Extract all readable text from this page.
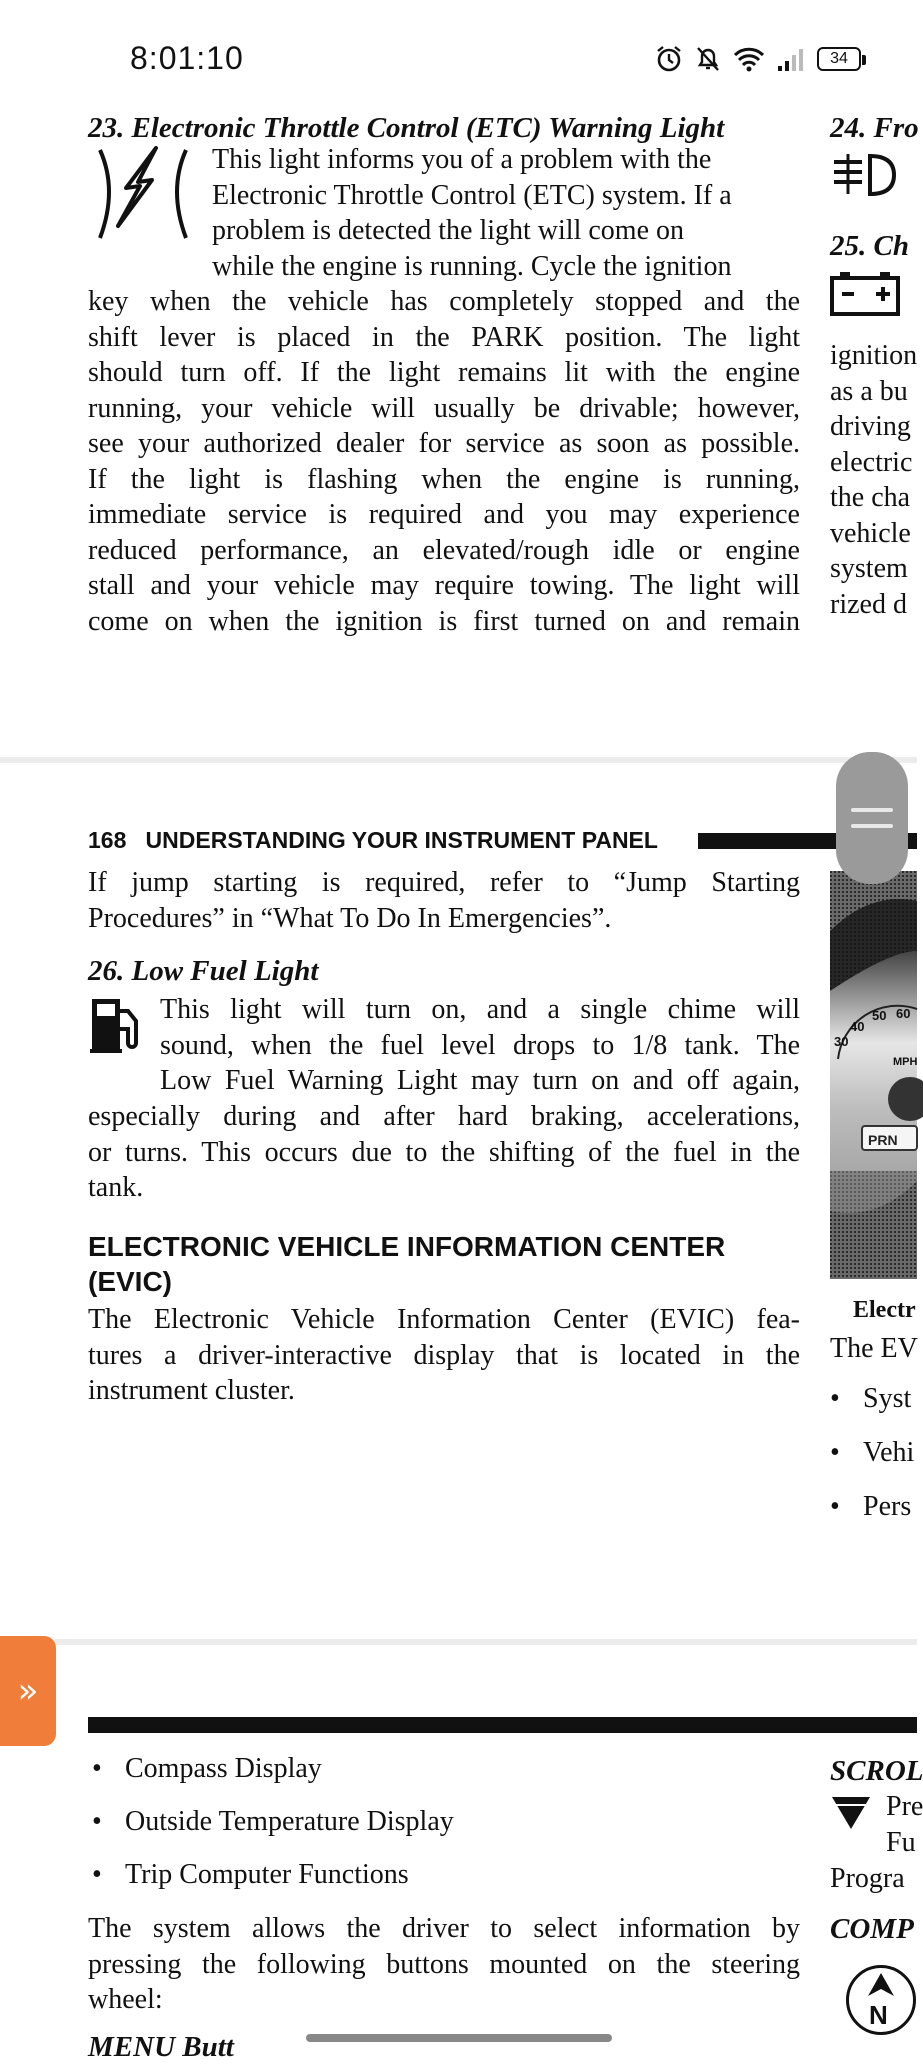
8:01:10	34
23. Electronic Throttle Control (ETC) Warning Light
This light informs you of a problem with the
Electronic Throttle Control (ETC) system. If a
problem is detected the light will come on
while the engine is running. Cycle the ignition
key when the vehicle has completely stopped and the
shift lever is placed in the PARK position. The light
should turn off. If the light remains lit with the engine
running, your vehicle will usually be drivable; however,
see your authorized dealer for service as soon as possible.
If the light is flashing when the engine is running,
immediate service is required and you may experience
reduced performance, an elevated/rough idle or engine
stall and your vehicle may require towing. The light will
come on when the ignition is first turned on and remain
24. Fro
25. Ch
ignition
as a bu
driving
electric
the cha
vehicle
system
rized d
168   UNDERSTANDING YOUR INSTRUMENT PANEL
If jump starting is required, refer to “Jump Starting
Procedures” in “What To Do In Emergencies”.
26. Low Fuel Light
This light will turn on, and a single chime will
sound, when the fuel level drops to 1/8 tank. The
Low Fuel Warning Light may turn on and off again,
especially during and after hard braking, accelerations,
or turns. This occurs due to the shifting of the fuel in the
tank.
ELECTRONIC VEHICLE INFORMATION CENTER
(EVIC)
The Electronic Vehicle Information Center (EVIC) fea-
tures a driver-interactive display that is located in the
instrument cluster.
40
50 60
30
MPH
PRN
Electr
The EV
• Syst
• Vehi
• Pers
• Compass Display
• Outside Temperature Display
• Trip Computer Functions
The system allows the driver to select information by
pressing the following buttons mounted on the steering
wheel:
MENU Butt
SCROL
Pre
Fu
Progra
COMP
N
»
